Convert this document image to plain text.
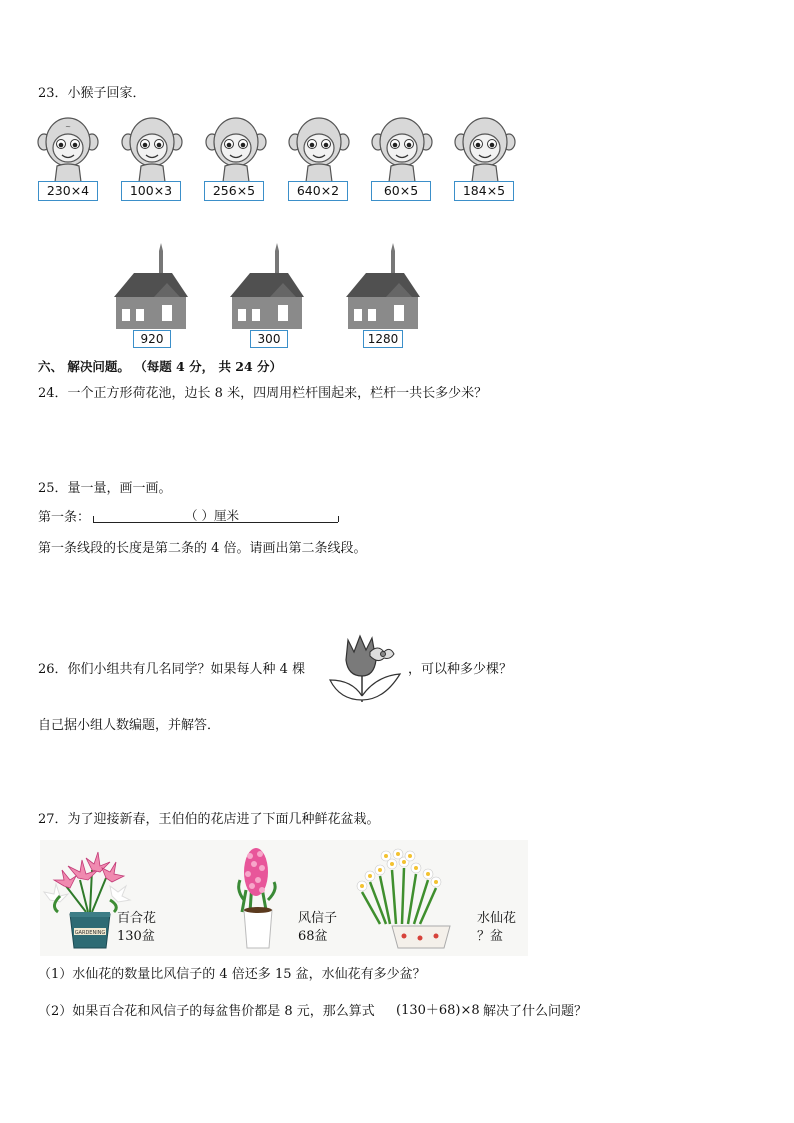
23．小猴子回家．
~
230×4	100×3	256×5	640×2	60×5	184×5
920	300	1280
六、 解决问题。 （每题 4 分， 共 24 分）
24．一个正方形荷花池，边长 8 米，四周用栏杆围起来，栏杆一共长多少米？
25．量一量，画一画。
第一条：	（ ）厘米
第一条线段的长度是第二条的 4 倍。请画出第二条线段。
26．你们小组共有几名同学？如果每人种 4 棵	，可以种多少棵？
自己据小组人数编题，并解答．
27．为了迎接新春，王伯伯的花店进了下面几种鲜花盆栽。
GARDENING
百合花
130盆
风信子
68盆
水仙花
？盆
（1）水仙花的数量比风信子的 4 倍还多 15 盆，水仙花有多少盆？
（2）如果百合花和风信子的每盆售价都是 8 元，那么算式 (130＋68)×8 解决了什么问题？
